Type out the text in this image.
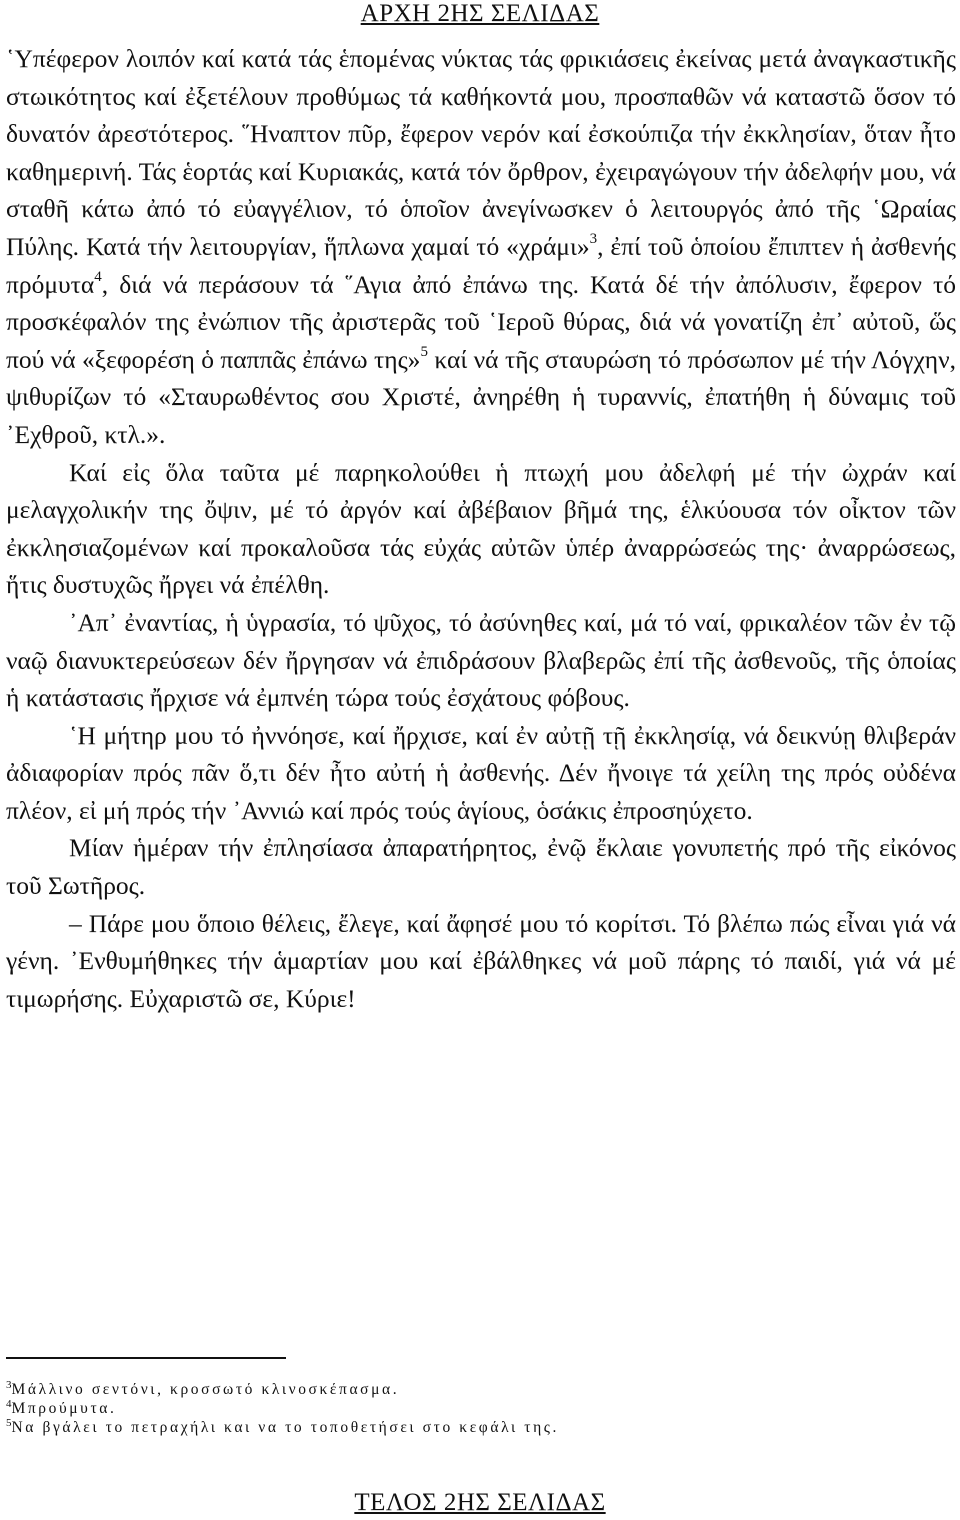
ΑΡΧΗ 2ΗΣ ΣΕΛΙΔΑΣ

῾Υπέφερον λοιπόν καί κατά τάς ἑπομένας νύκτας τάς φρικιάσεις ἐκείνας μετά ἀναγκαστικῆς στωικότητος καί ἐξετέλουν προθύμως τά καθήκοντά μου, προσπαθῶν νά καταστῶ ὅσον τό δυνατόν ἀρεστότερος. ῞Ηναπτον πῦρ, ἔφερον νερόν καί ἐσκούπιζα τήν ἐκκλησίαν, ὅταν ἦτο καθημερινή. Τάς ἑορτάς καί Κυριακάς, κατά τόν ὄρθρον, ἐχειραγώγουν τήν ἀδελφήν μου, νά σταθῆ κάτω ἀπό τό εὐαγγέλιον, τό ὁποῖον ἀνεγίνωσκεν ὁ λειτουργός ἀπό τῆς ῾Ωραίας Πύλης. Κατά τήν λειτουργίαν, ἥπλωνα χαμαί τό «χράμι»$^3$, ἐπί τοῦ ὁποίου ἔπιπτεν ἡ ἀσθενής πρόμυτα$^4$, διά νά περάσουν τά ῞Αγια ἀπό ἐπάνω της. Κατά δέ τήν ἀπόλυσιν, ἔφερον τό προσκέφαλόν της ἐνώπιον τῆς ἀριστερᾶς τοῦ ῾Ιεροῦ θύρας, διά νά γονατίζη ἐπ᾽ αὐτοῦ, ὥς πού νά «ξεφορέση ὁ παππᾶς ἐπάνω της»$^5$ καί νά τῆς σταυρώση τό πρόσωπον μέ τήν Λόγχην, ψιθυρίζων τό «Σταυρωθέντος σου Χριστέ, ἀνηρέθη ἡ τυραννίς, ἐπατήθη ἡ δύναμις τοῦ ᾽Εχθροῦ, κτλ.».

Καί εἰς ὅλα ταῦτα μέ παρηκολούθει ἡ πτωχή μου ἀδελφή μέ τήν ὠχράν καί μελαγχολικήν της ὄψιν, μέ τό ἀργόν καί ἀβέβαιον βῆμά της, ἑλκύουσα τόν οἶκτον τῶν ἐκκλησιαζομένων καί προκαλοῦσα τάς εὐχάς αὐτῶν ὑπέρ ἀναρρώσεώς της· ἀναρρώσεως, ἥτις δυστυχῶς ἤργει νά ἐπέλθη.

᾽Απ᾽ ἐναντίας, ἡ ὑγρασία, τό ψῦχος, τό ἀσύνηθες καί, μά τό ναί, φρικαλέον τῶν ἐν τῷ ναῷ διανυκτερεύσεων δέν ἤργησαν νά ἐπιδράσουν βλαβερῶς ἐπί τῆς ἀσθενοῦς, τῆς ὁποίας ἡ κατάστασις ἤρχισε νά ἐμπνέη τώρα τούς ἐσχάτους φόβους.

῾Η μήτηρ μου τό ἠννόησε, καί ἤρχισε, καί ἐν αὐτῇ τῇ ἐκκλησίᾳ, νά δεικνύῃ θλιβεράν ἀδιαφορίαν πρός πᾶν ὅ,τι δέν ἦτο αὐτή ἡ ἀσθενής. Δέν ἤνοιγε τά χείλη της πρός οὐδένα πλέον, εἰ μή πρός τήν ᾽Αννιώ καί πρός τούς ἁγίους, ὁσάκις ἐπροσηύχετο.

Μίαν ἡμέραν τήν ἐπλησίασα ἀπαρατήρητος, ἐνῷ ἔκλαιε γονυπετής πρό τῆς εἰκόνος τοῦ Σωτῆρος.

– Πάρε μου ὅποιο θέλεις, ἔλεγε, καί ἄφησέ μου τό κορίτσι. Τό βλέπω πώς εἶναι γιά νά γένη. ᾽Ενθυμήθηκες τήν ἁμαρτίαν μου καί ἐβάλθηκες νά μοῦ πάρης τό παιδί, γιά νά μέ τιμωρήσης. Εὐχαριστῶ σε, Κύριε!

$^3$Μάλλινο σεντόνι, κροσσωτό κλινοσκέπασμα.
$^4$Μπρούμυτα.
$^5$Να βγάλει το πετραχήλι και να το τοποθετήσει στο κεφάλι της.
ΤΕΛΟΣ 2ΗΣ ΣΕΛΙΔΑΣ
